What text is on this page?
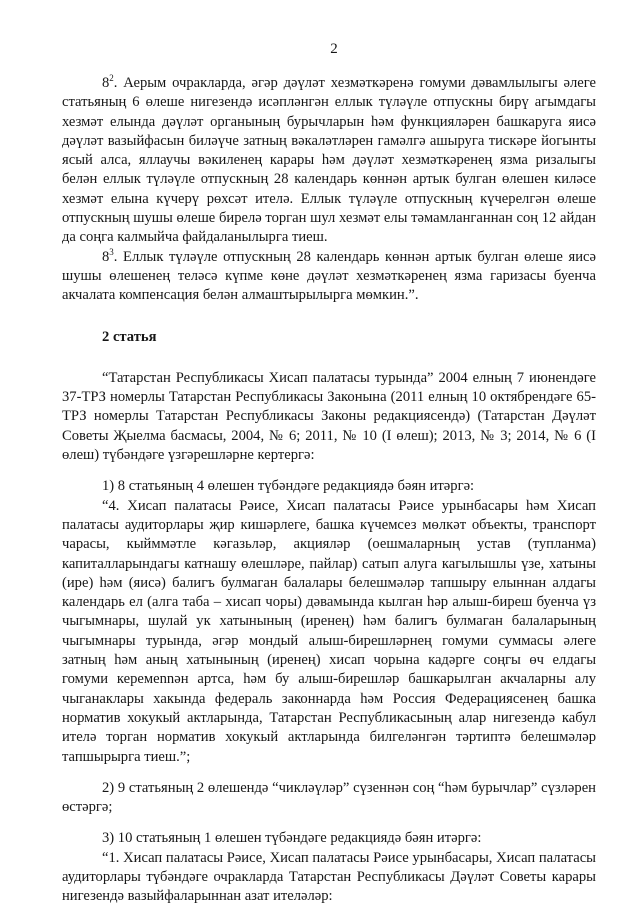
2

$8^2$. Аерым очракларда, әгәр дәүләт хезмәткәренә гомуми дәвамлылыгы әлеге статьяның 6 өлеше нигезендә исәпләнгән еллык түләүле отпускны бирү агымдагы хезмәт елында дәүләт органының бурычларын һәм функцияләрен башкаруга яисә дәүләт вазыйфасын биләүче затның вәкаләтләрен гамәлгә ашыруга тискәре йогынты ясый алса, яллаучы вәкиленең карары һәм дәүләт хезмәткәренең язма ризалыгы белән еллык түләүле отпускның 28 календарь көннән артык булган өлешен киләсе хезмәт елына күчерү рөхсәт ителә. Еллык түләүле отпускның күчерелгән өлеше отпускның шушы өлеше бирелә торган шул хезмәт елы тәмамланганнан соң 12 айдан да соңга калмыйча файдаланылырга тиеш.

$8^3$. Еллык түләүле отпускның 28 календарь көннән артык булган өлеше яисә шушы өлешенең теләсә күпме көне дәүләт хезмәткәренең язма гаризасы буенча акчалата компенсация белән алмаштырылырга мөмкин.”.

2 статья

“Татарстан Республикасы Хисап палатасы турында” 2004 елның 7 июнендәге 37-ТРЗ номерлы Татарстан Республикасы Законына (2011 елның 10 октябрендәге 65-ТРЗ номерлы Татарстан Республикасы Законы редакциясендә) (Татарстан Дәүләт Советы Җыелма басмасы, 2004, № 6; 2011, № 10 (I өлеш); 2013, № 3; 2014, № 6 (I өлеш) түбәндәге үзгәрешләрне кертергә:

1) 8 статьяның 4 өлешен түбәндәге редакциядә бәян итәргә:

“4. Хисап палатасы Рәисе, Хисап палатасы Рәисе урынбасары һәм Хисап палатасы аудиторлары җир кишәрлеге, башка күчемсез мөлкәт объекты, транспорт чарасы, кыйммәтле кәгазьләр, акцияләр (оешмаларның устав (тупланма) капиталларындагы катнашу өлешләре, пайлар) сатып алуга кагылышлы үзе, хатыны (ире) һәм (яисә) балигъ булмаган балалары белешмәләр тапшыру елыннан алдагы календарь ел (алга таба – хисап чоры) дәвамында кылган һәр алыш-биреш буенча үз чыгымнары, шулай ук хатынының (иренең) һәм балигъ булмаган балаларының чыгымнары турында, әгәр мондый алыш-бирешләрнең гомуми суммасы әлеге затның һәм аның хатынының (иренең) хисап чорына кадәрге соңгы өч елдагы гомуми керемennән артса, һәм бу алыш-бирешләр башкарылган акчаларны алу чыганаклары хакында федераль законнарда һәм Россия Федерациясенең башка норматив хокукый актларында, Татарстан Республикасының алар нигезендә кабул ителә торган норматив хокукый актларында билгеләнгән тәртиптә белешмәләр тапшырырга тиеш.”;

2) 9 статьяның 2 өлешендә “чикләүләр” сүзеннән соң “һәм бурычлар” сүзләрен өстәргә;

3) 10 статьяның 1 өлешен түбәндәге редакциядә бәян итәргә:

“1. Хисап палатасы Рәисе, Хисап палатасы Рәисе урынбасары, Хисап палатасы аудиторлары түбәндәге очракларда Татарстан Республикасы Дәүләт Советы карары нигезендә вазыйфаларыннан азат ителәләр:
